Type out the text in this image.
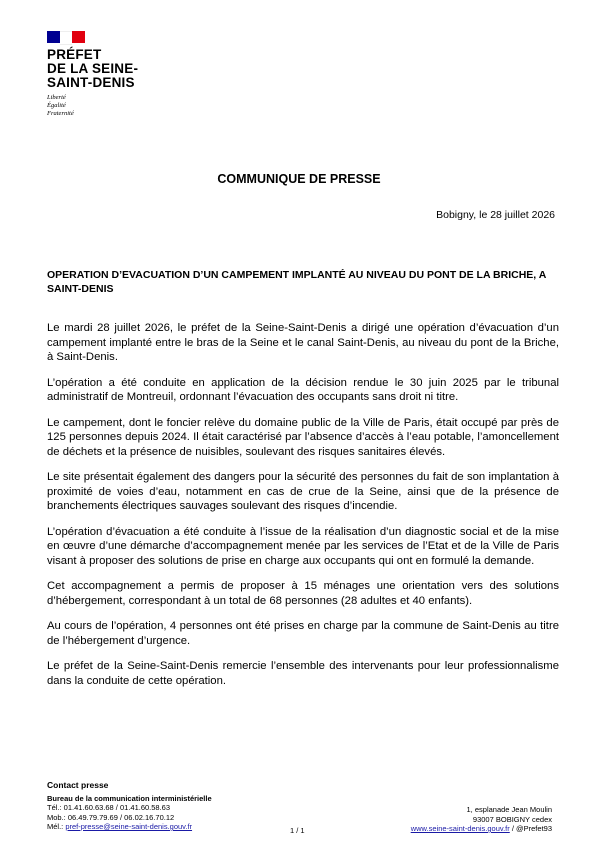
PRÉFET
DE LA SEINE-
SAINT-DENIS
Liberté
Égalité
Fraternité
COMMUNIQUE DE PRESSE
Bobigny, le 28 juillet 2026
OPERATION D’EVACUATION D’UN CAMPEMENT IMPLANTÉ AU NIVEAU DU PONT DE LA BRICHE, A SAINT-DENIS

Le mardi 28 juillet 2026, le préfet de la Seine-Saint-Denis a dirigé une opération d’évacuation d’un campement implanté entre le bras de la Seine et le canal Saint-Denis, au niveau du pont de la Briche, à Saint-Denis.

L’opération a été conduite en application de la décision rendue le 30 juin 2025 par le tribunal administratif de Montreuil, ordonnant l’évacuation des occupants sans droit ni titre.

Le campement, dont le foncier relève du domaine public de la Ville de Paris, était occupé par près de 125 personnes depuis 2024. Il était caractérisé par l’absence d’accès à l’eau potable, l’amoncellement de déchets et la présence de nuisibles, soulevant des risques sanitaires élevés.

Le site présentait également des dangers pour la sécurité des personnes du fait de son implantation à proximité de voies d’eau, notamment en cas de crue de la Seine, ainsi que de la présence de branchements électriques sauvages soulevant des risques d’incendie.

L’opération d’évacuation a été conduite à l’issue de la réalisation d’un diagnostic social et de la mise en œuvre d’une démarche d’accompagnement menée par les services de l’Etat et de la Ville de Paris visant à proposer des solutions de prise en charge aux occupants qui ont en formulé la demande.

Cet accompagnement a permis de proposer à 15 ménages une orientation vers des solutions d’hébergement, correspondant à un total de 68 personnes (28 adultes et 40 enfants).

Au cours de l’opération, 4 personnes ont été prises en charge par la commune de Saint-Denis au titre de l’hébergement d’urgence.

Le préfet de la Seine-Saint-Denis remercie l’ensemble des intervenants pour leur professionnalisme dans la conduite de cette opération.

Contact presse
Bureau de la communication interministérielle
Tél.: 01.41.60.63.68 / 01.41.60.58.63
Mob.: 06.49.79.79.69 / 06.02.16.70.12
Mél.: pref-presse@seine-saint-denis.gouv.fr	1 / 1
1, esplanade Jean Moulin
93007 BOBIGNY cedex
www.seine-saint-denis.gouv.fr / @Prefet93
